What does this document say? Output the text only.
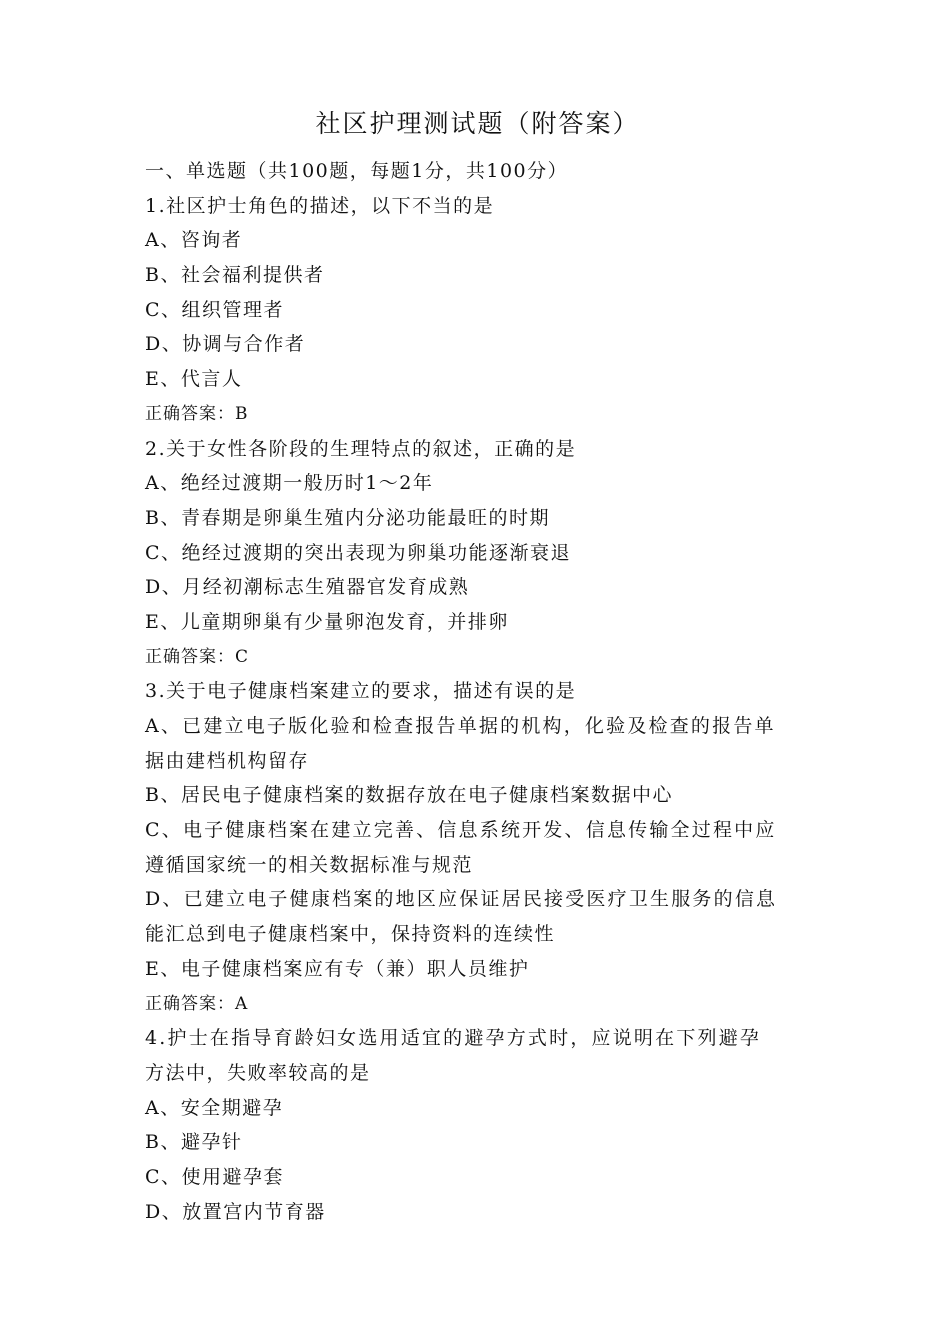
社区护理测试题（附答案）
一、单选题（共100题，每题1分，共100分）
1.社区护士角色的描述，以下不当的是
A、咨询者
B、社会福利提供者
C、组织管理者
D、协调与合作者
E、代言人
正确答案：B
2.关于女性各阶段的生理特点的叙述，正确的是
A、绝经过渡期一般历时1～2年
B、青春期是卵巢生殖内分泌功能最旺的时期
C、绝经过渡期的突出表现为卵巢功能逐渐衰退
D、月经初潮标志生殖器官发育成熟
E、儿童期卵巢有少量卵泡发育，并排卵
正确答案：C
3.关于电子健康档案建立的要求，描述有误的是
A、已建立电子版化验和检查报告单据的机构，化验及检查的报告单
据由建档机构留存
B、居民电子健康档案的数据存放在电子健康档案数据中心
C、电子健康档案在建立完善、信息系统开发、信息传输全过程中应
遵循国家统一的相关数据标准与规范
D、已建立电子健康档案的地区应保证居民接受医疗卫生服务的信息
能汇总到电子健康档案中，保持资料的连续性
E、电子健康档案应有专（兼）职人员维护
正确答案：A
4.护士在指导育龄妇女选用适宜的避孕方式时，应说明在下列避孕
方法中，失败率较高的是
A、安全期避孕
B、避孕针
C、使用避孕套
D、放置宫内节育器
